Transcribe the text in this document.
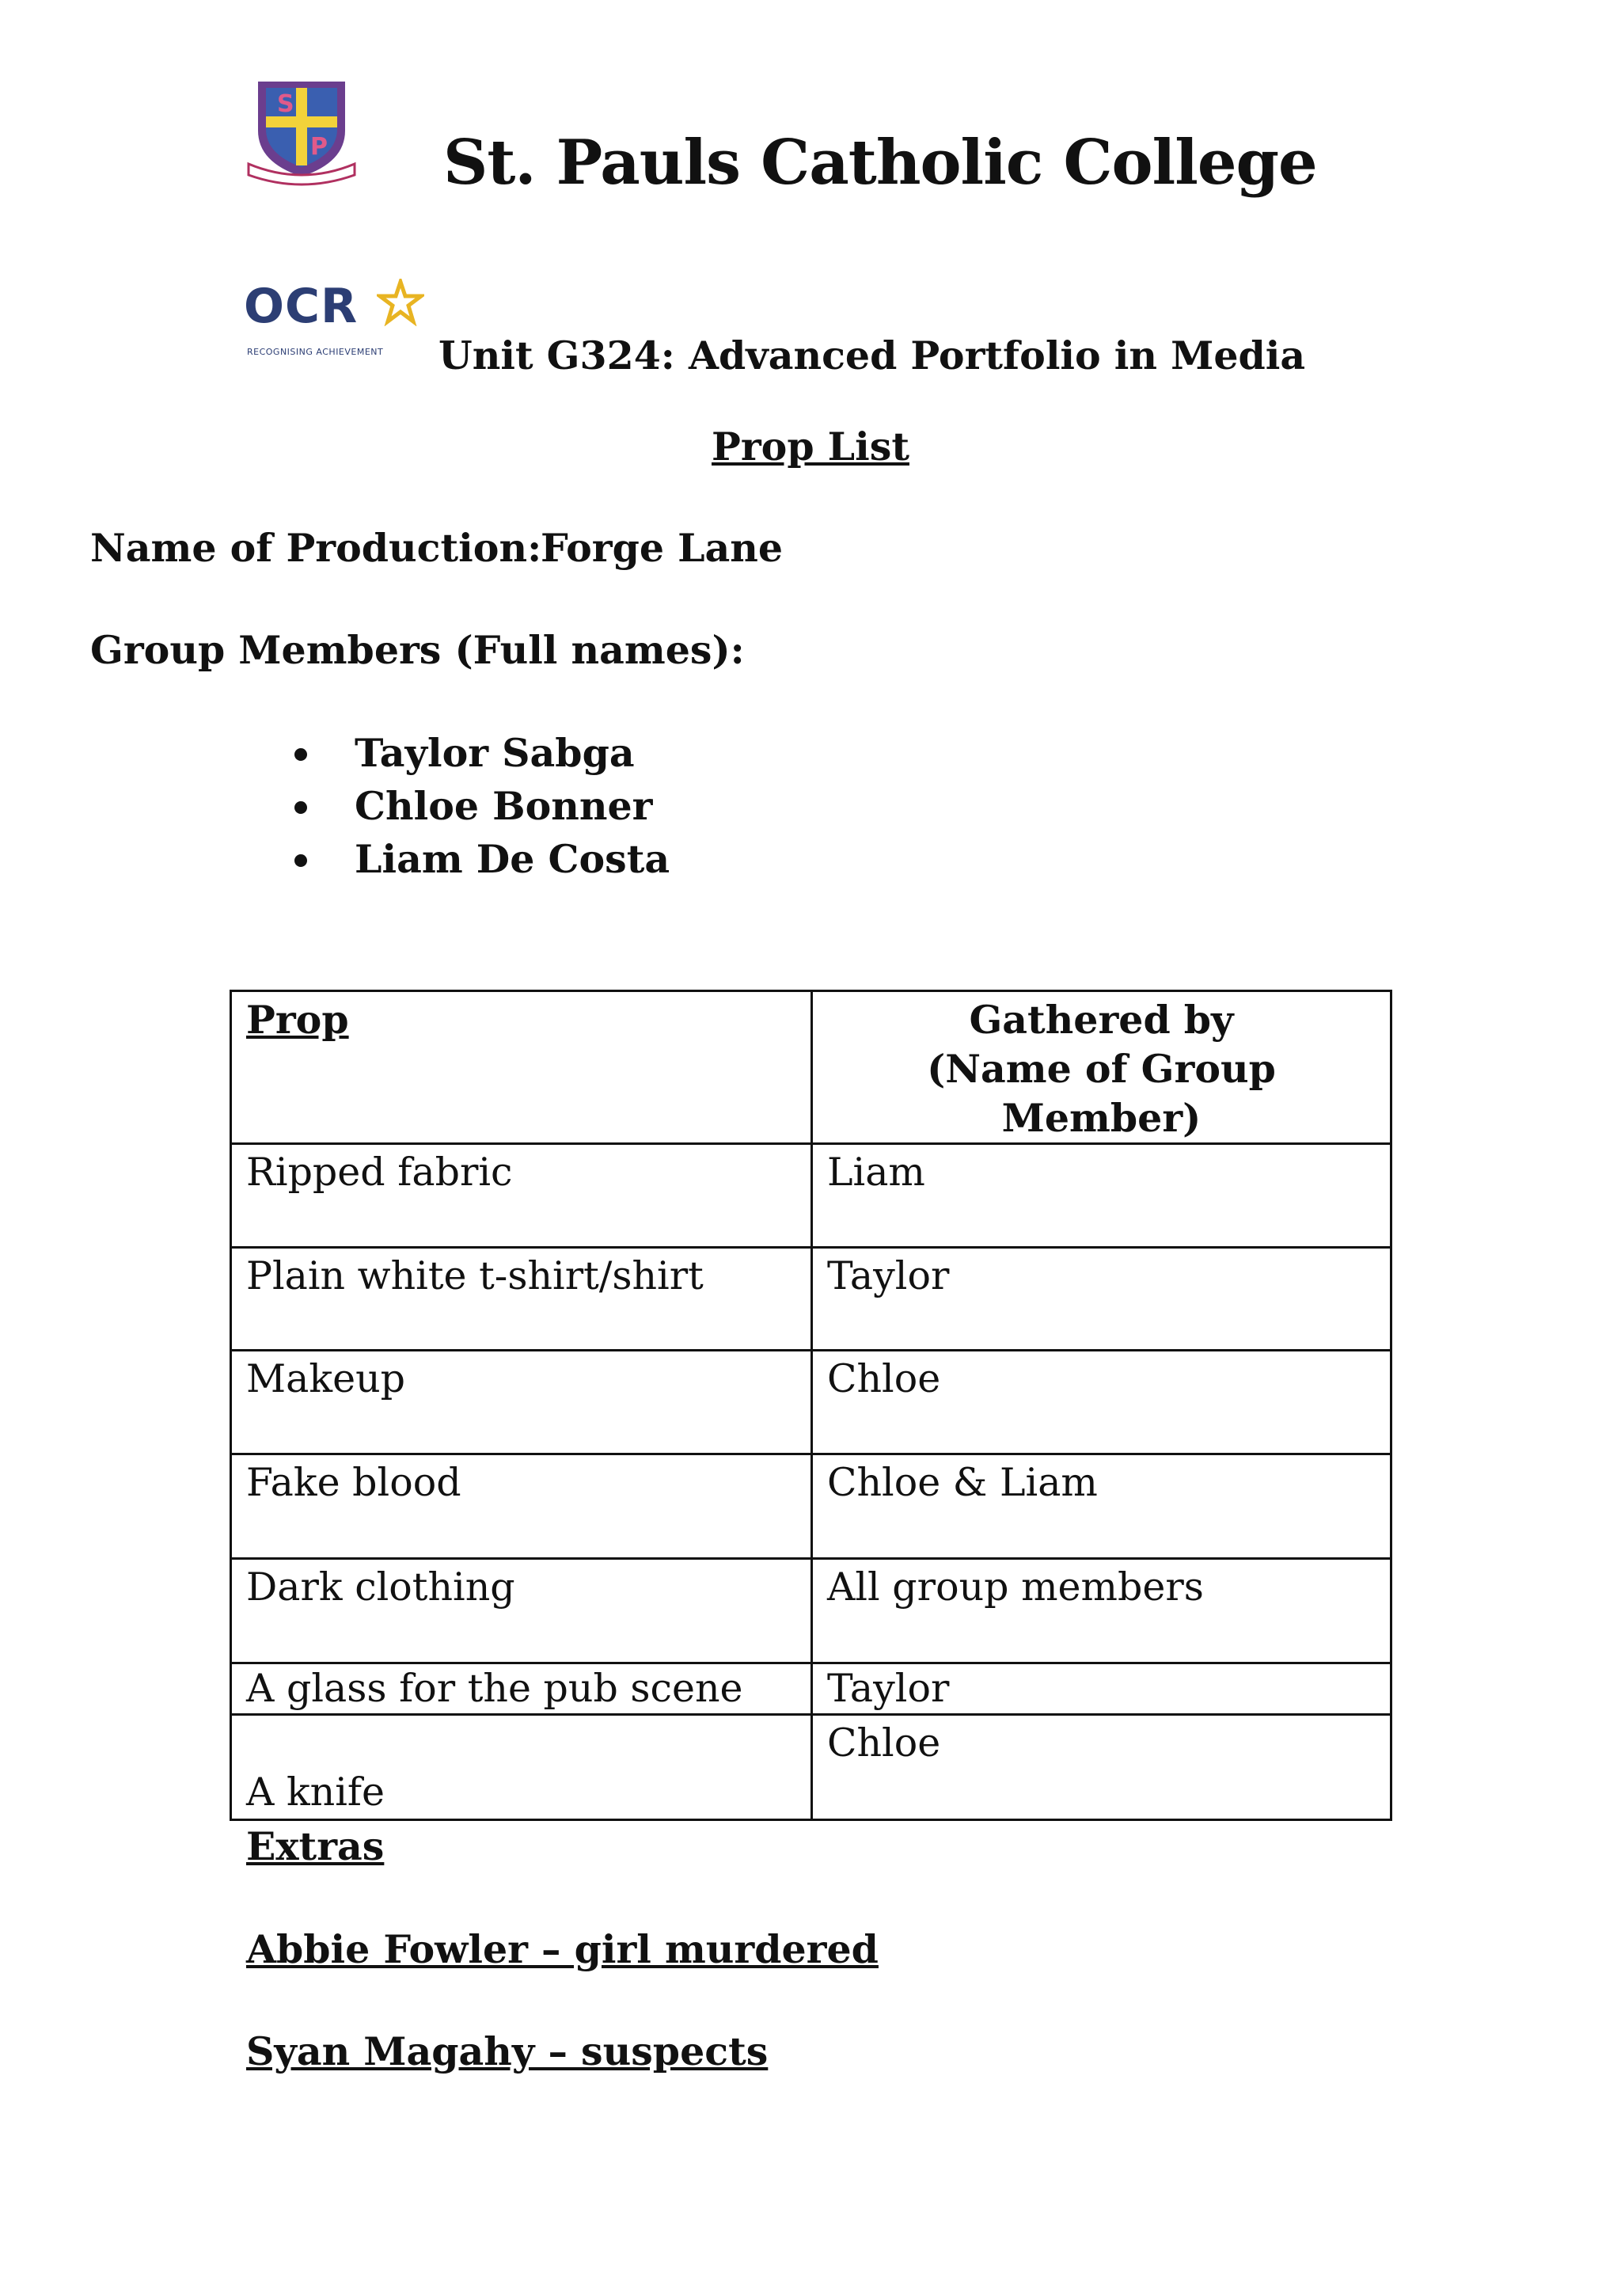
S
P St. Pauls Catholic College
OCR
RECOGNISING ACHIEVEMENT Unit G324: Advanced Portfolio in Media
Prop List
Name of Production:
Forge Lane
Group Members (Full names):
Taylor Sabga
Chloe Bonner
Liam De Costa
Prop	Gathered by
(Name of Group Member)

Ripped fabric	Liam
Plain white t-shirt/shirt	Taylor
Makeup	Chloe
Fake blood	Chloe & Liam
Dark clothing	All group members
A glass for the pub scene	Taylor
A knife	Chloe
Extras
Abbie Fowler – girl murdered
Syan Magahy – suspects
